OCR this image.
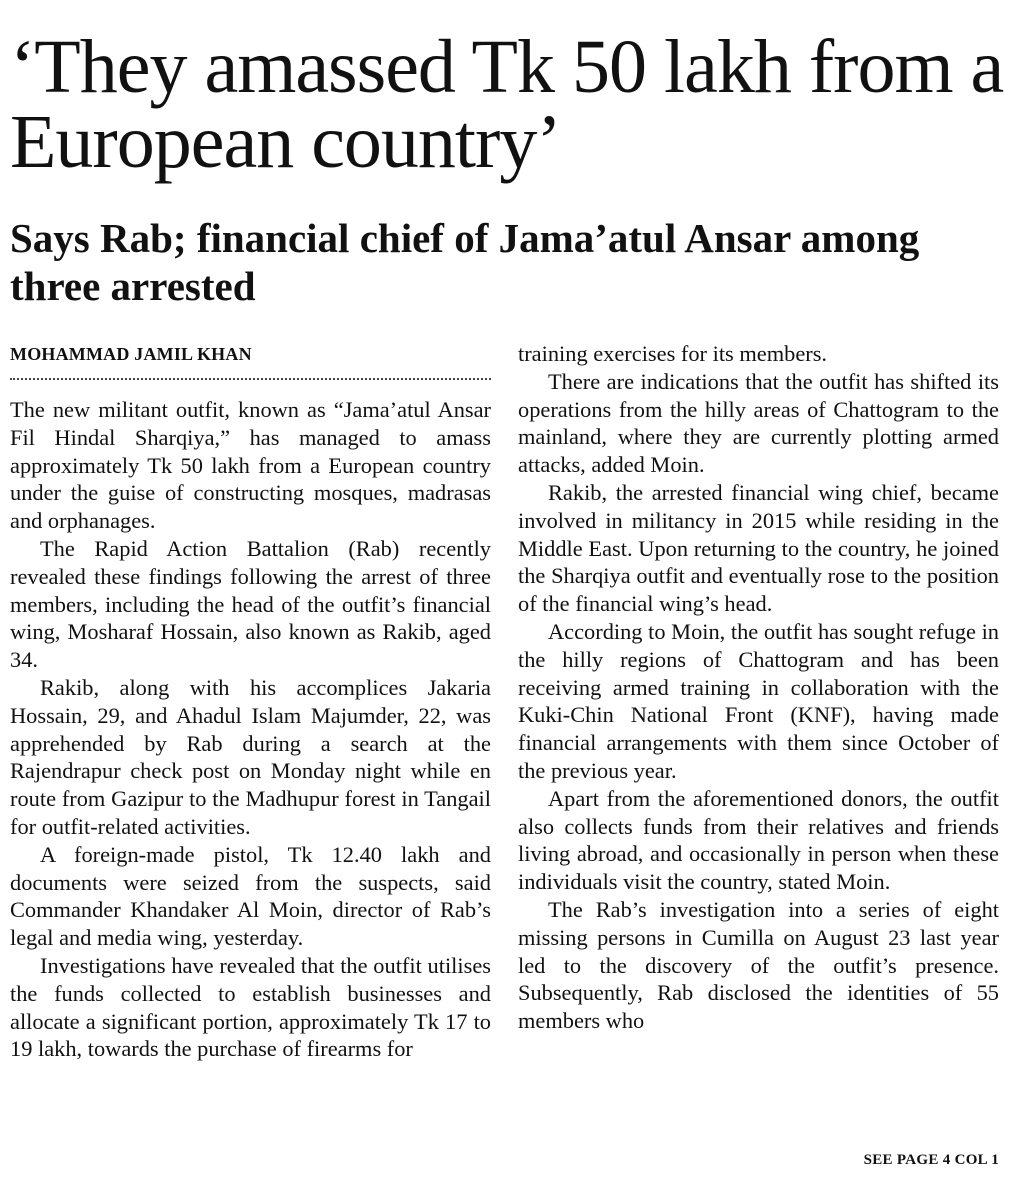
‘They amassed Tk 50 lakh from a European country’
Says Rab; financial chief of Jama’atul Ansar among three arrested
MOHAMMAD JAMIL KHAN

The new militant outfit, known as “Jama’atul Ansar Fil Hindal Sharqiya,” has managed to amass approximately Tk 50 lakh from a European country under the guise of constructing mosques, madrasas and orphanages.

The Rapid Action Battalion (Rab) recently revealed these findings following the arrest of three members, including the head of the outfit’s financial wing, Mosharaf Hossain, also known as Rakib, aged 34.

Rakib, along with his accomplices Jakaria Hossain, 29, and Ahadul Islam Majumder, 22, was apprehended by Rab during a search at the Rajendrapur check post on Monday night while en route from Gazipur to the Madhupur forest in Tangail for outfit-related activities.

A foreign-made pistol, Tk 12.40 lakh and documents were seized from the suspects, said Commander Khandaker Al Moin, director of Rab’s legal and media wing, yesterday.

Investigations have revealed that the outfit utilises the funds collected to establish businesses and allocate a significant portion, approximately Tk 17 to 19 lakh, towards the purchase of firearms for

training exercises for its members.

There are indications that the outfit has shifted its operations from the hilly areas of Chattogram to the mainland, where they are currently plotting armed attacks, added Moin.

Rakib, the arrested financial wing chief, became involved in militancy in 2015 while residing in the Middle East. Upon returning to the country, he joined the Sharqiya outfit and eventually rose to the position of the financial wing’s head.

According to Moin, the outfit has sought refuge in the hilly regions of Chattogram and has been receiving armed training in collaboration with the Kuki-Chin National Front (KNF), having made financial arrangements with them since October of the previous year.

Apart from the aforementioned donors, the outfit also collects funds from their relatives and friends living abroad, and occasionally in person when these individuals visit the country, stated Moin.

The Rab’s investigation into a series of eight missing persons in Cumilla on August 23 last year led to the discovery of the outfit’s presence. Subsequently, Rab disclosed the identities of 55 members who

SEE PAGE 4 COL 1
